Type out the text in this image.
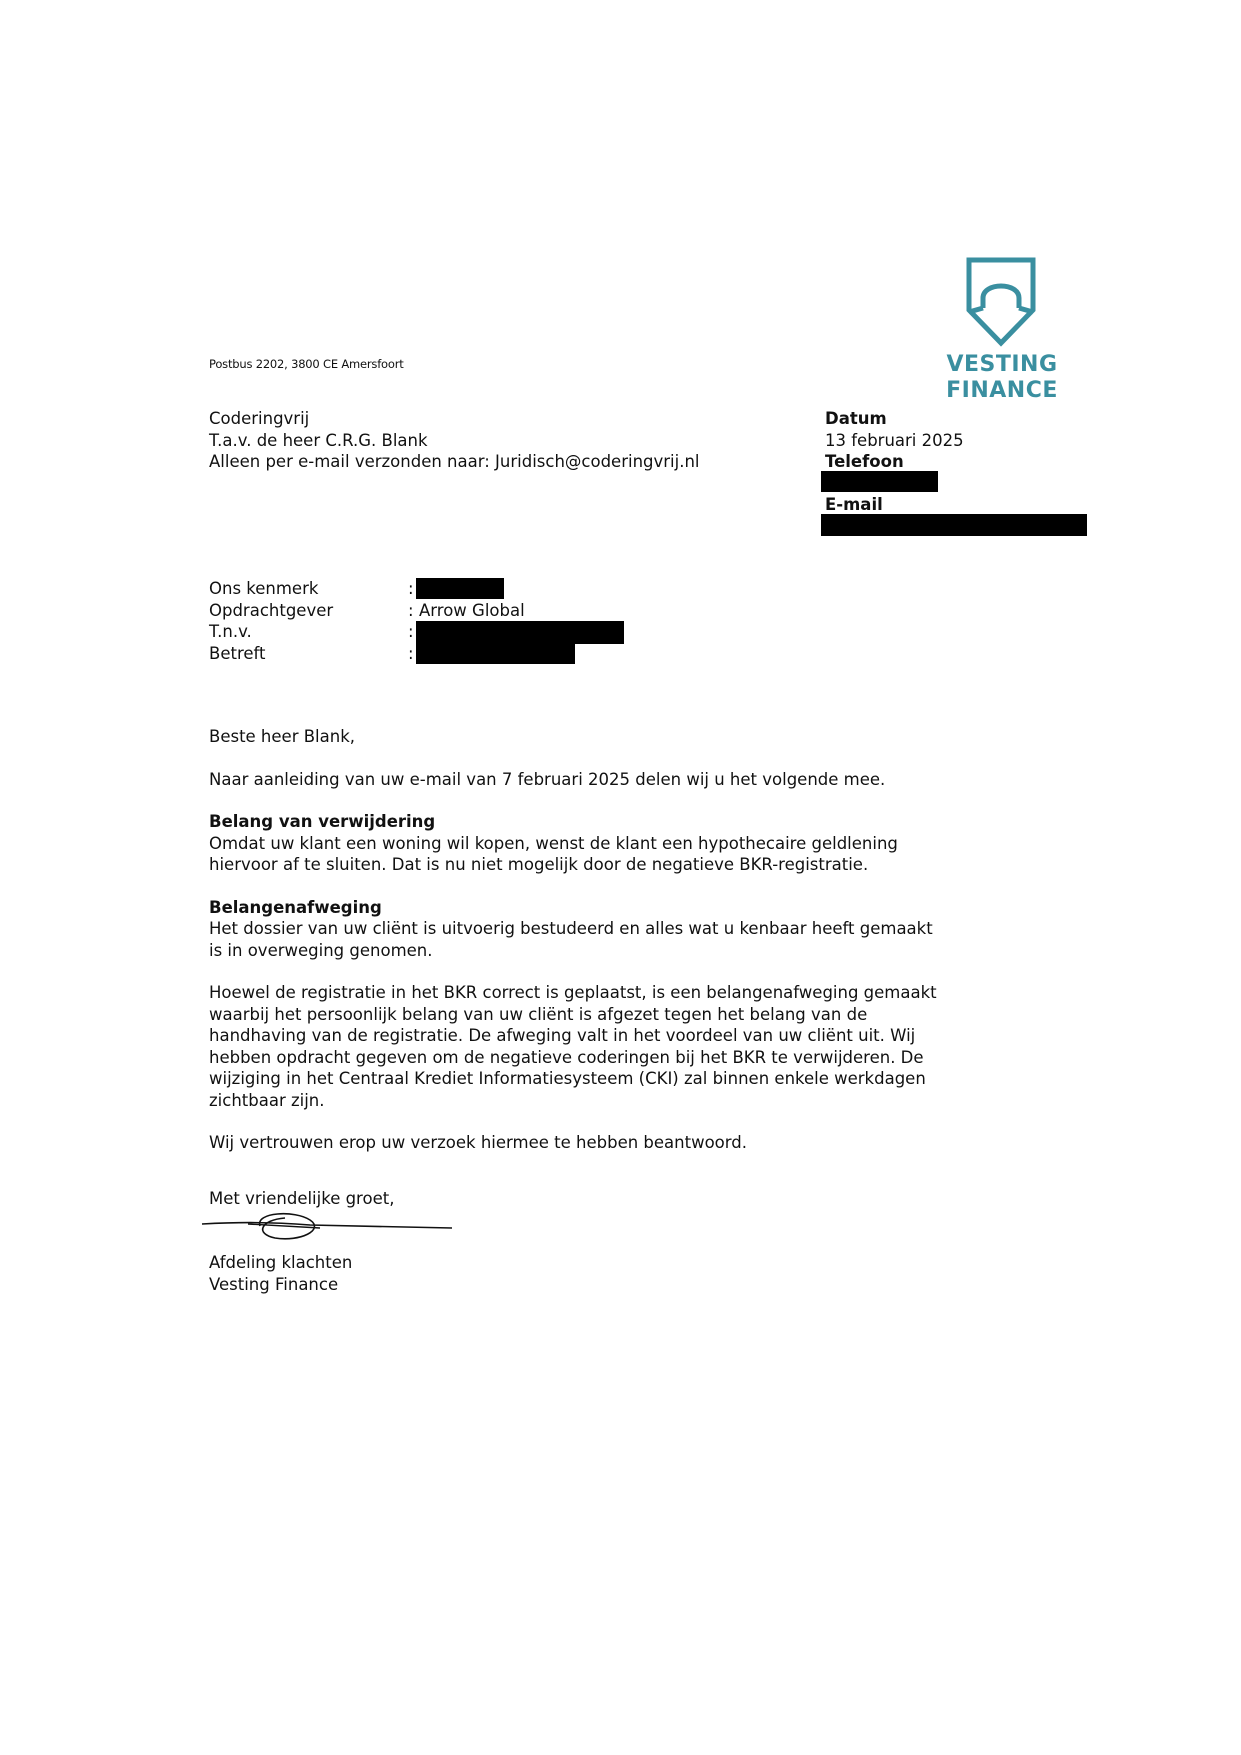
VESTING
FINANCE
Postbus 2202, 3800 CE Amersfoort
Coderingvrij
T.a.v. de heer C.R.G. Blank
Alleen per e-mail verzonden naar: Juridisch@coderingvrij.nl
Datum
13 februari 2025
Telefoon
E-mail
Ons kenmerk	:
Opdrachtgever	: Arrow Global
T.n.v.	:
Betreft	:

Beste heer Blank,

Naar aanleiding van uw e-mail van 7 februari 2025 delen wij u het volgende mee.

Belang van verwijdering

Omdat uw klant een woning wil kopen, wenst de klant een hypothecaire geldlening

hiervoor af te sluiten. Dat is nu niet mogelijk door de negatieve BKR-registratie.

Belangenafweging

Het dossier van uw cliënt is uitvoerig bestudeerd en alles wat u kenbaar heeft gemaakt

is in overweging genomen.

Hoewel de registratie in het BKR correct is geplaatst, is een belangenafweging gemaakt

waarbij het persoonlijk belang van uw cliënt is afgezet tegen het belang van de

handhaving van de registratie. De afweging valt in het voordeel van uw cliënt uit. Wij

hebben opdracht gegeven om de negatieve coderingen bij het BKR te verwijderen. De

wijziging in het Centraal Krediet Informatiesysteem (CKI) zal binnen enkele werkdagen

zichtbaar zijn.

Wij vertrouwen erop uw verzoek hiermee te hebben beantwoord.

Met vriendelijke groet,
Afdeling klachten
Vesting Finance
